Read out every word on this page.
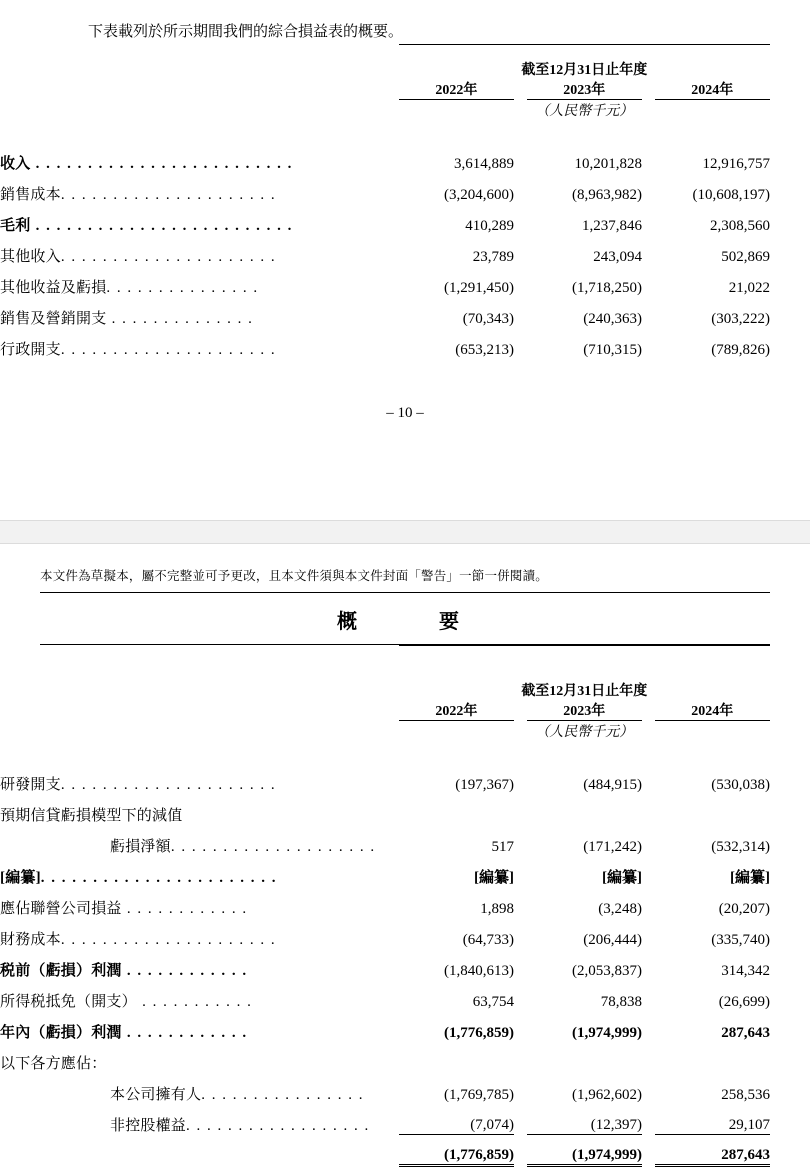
下表載列於所示期間我們的綜合損益表的概要。
	截至12月31日止年度				
	2022年		2023年		2024年
	（人民幣千元）				

收入 . . . . . . . . . . . . . . . . . . . . . . . . .	3,614,889		10,201,828		12,916,757
銷售成本. . . . . . . . . . . . . . . . . . . . .	(3,204,600)		(8,963,982)		(10,608,197)
毛利 . . . . . . . . . . . . . . . . . . . . . . . . .	410,289		1,237,846		2,308,560
其他收入. . . . . . . . . . . . . . . . . . . . .	23,789		243,094		502,869
其他收益及虧損. . . . . . . . . . . . . . .	(1,291,450)		(1,718,250)		21,022
銷售及營銷開支 . . . . . . . . . . . . . .	(70,343)		(240,363)		(303,222)
行政開支. . . . . . . . . . . . . . . . . . . . .	(653,213)		(710,315)		(789,826)
– 10 –
本文件為草擬本，屬不完整並可予更改，且本文件須與本文件封面「警告」一節一併閱讀。
概　　要
	截至12月31日止年度				
	2022年		2023年		2024年
	（人民幣千元）				

研發開支. . . . . . . . . . . . . . . . . . . . .	(197,367)		(484,915)		(530,038)
預期信貸虧損模型下的減值					
虧損淨額. . . . . . . . . . . . . . . . . . . .	517		(171,242)		(532,314)
[編纂]. . . . . . . . . . . . . . . . . . . . . . .	[編纂]		[編纂]		[編纂]
應佔聯營公司損益 . . . . . . . . . . . .	1,898		(3,248)		(20,207)
財務成本. . . . . . . . . . . . . . . . . . . . .	(64,733)		(206,444)		(335,740)
税前（虧損）利潤 . . . . . . . . . . . .	(1,840,613)		(2,053,837)		314,342
所得税抵免（開支） . . . . . . . . . . .	63,754		78,838		(26,699)
年內（虧損）利潤 . . . . . . . . . . . .	(1,776,859)		(1,974,999)		287,643
以下各方應佔：					
本公司擁有人. . . . . . . . . . . . . . . .	(1,769,785)		(1,962,602)		258,536
非控股權益. . . . . . . . . . . . . . . . . .	(7,074)		(12,397)		29,107
	(1,776,859)		(1,974,999)		287,643
